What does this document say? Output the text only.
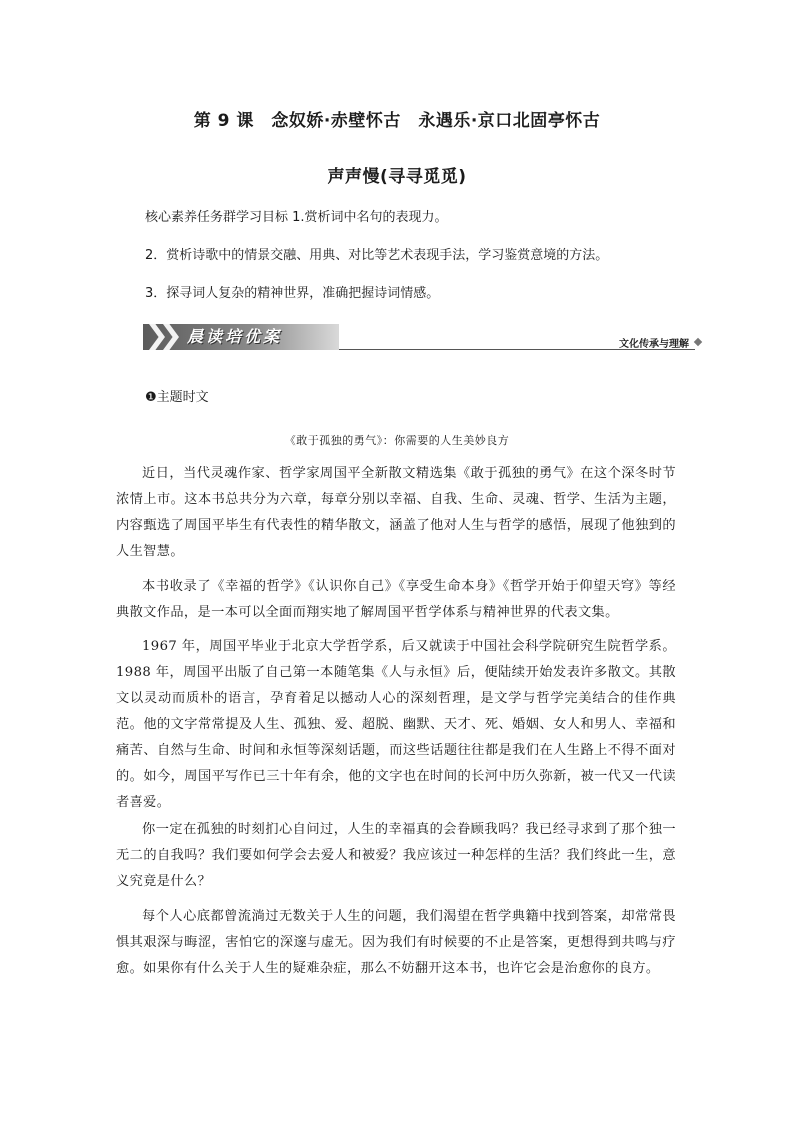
第 9 课　念奴娇·赤壁怀古　永遇乐·京口北固亭怀古
声声慢(寻寻觅觅)
核心素养任务群学习目标 1.赏析词中名句的表现力。
2．赏析诗歌中的情景交融、用典、对比等艺术表现手法，学习鉴赏意境的方法。
3．探寻词人复杂的精神世界，准确把握诗词情感。
晨读培优案	文化传承与理解
❶主题时文
《敢于孤独的勇气》：你需要的人生美妙良方
近日，当代灵魂作家、哲学家周国平全新散文精选集《敢于孤独的勇气》在这个深冬时节浓情上市。这本书总共分为六章，每章分别以幸福、自我、生命、灵魂、哲学、生活为主题，内容甄选了周国平毕生有代表性的精华散文，涵盖了他对人生与哲学的感悟，展现了他独到的人生智慧。
本书收录了《幸福的哲学》《认识你自己》《享受生命本身》《哲学开始于仰望天穹》等经典散文作品，是一本可以全面而翔实地了解周国平哲学体系与精神世界的代表文集。
1967 年，周国平毕业于北京大学哲学系，后又就读于中国社会科学院研究生院哲学系。1988 年，周国平出版了自己第一本随笔集《人与永恒》后，便陆续开始发表许多散文。其散文以灵动而质朴的语言，孕育着足以撼动人心的深刻哲理，是文学与哲学完美结合的佳作典范。他的文字常常提及人生、孤独、爱、超脱、幽默、天才、死、婚姻、女人和男人、幸福和痛苦、自然与生命、时间和永恒等深刻话题，而这些话题往往都是我们在人生路上不得不面对的。如今，周国平写作已三十年有余，他的文字也在时间的长河中历久弥新，被一代又一代读者喜爱。
你一定在孤独的时刻扪心自问过，人生的幸福真的会眷顾我吗？我已经寻求到了那个独一无二的自我吗？我们要如何学会去爱人和被爱？我应该过一种怎样的生活？我们终此一生，意义究竟是什么？
每个人心底都曾流淌过无数关于人生的问题，我们渴望在哲学典籍中找到答案，却常常畏惧其艰深与晦涩，害怕它的深邃与虚无。因为我们有时候要的不止是答案，更想得到共鸣与疗愈。如果你有什么关于人生的疑难杂症，那么不妨翻开这本书，也许它会是治愈你的良方。
